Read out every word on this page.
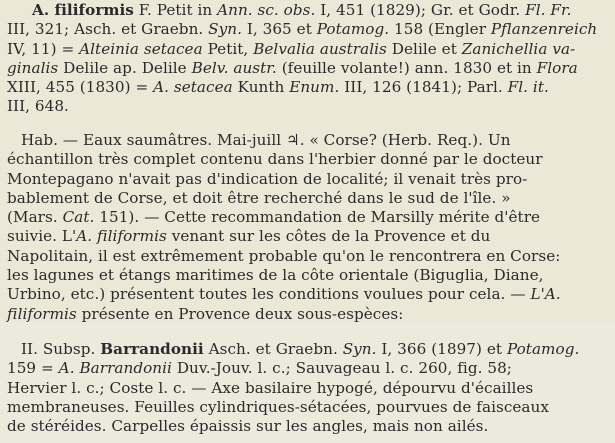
A. filiformis F. Petit in Ann. sc. obs. I, 451 (1829); Gr. et Godr. Fl. Fr.
III, 321; Asch. et Graebn. Syn. I, 365 et Potamog. 158 (Engler Pflanzenreich
IV, 11) = Alteinia setacea Petit, Belvalia australis Delile et Zanichellia va-
ginalis Delile ap. Delile Belv. austr. (feuille volante!) ann. 1830 et in Flora
XIII, 455 (1830) = A. setacea Kunth Enum. III, 126 (1841); Parl. Fl. it.
III, 648.
Hab. — Eaux saumâtres. Mai-juill ♃. « Corse? (Herb. Req.). Un
échantillon très complet contenu dans l'herbier donné par le docteur
Montepagano n'avait pas d'indication de localité; il venait très pro-
bablement de Corse, et doit être recherché dans le sud de l'île. »
(Mars. Cat. 151). — Cette recommandation de Marsilly mérite d'être
suivie. L'A. filiformis venant sur les côtes de la Provence et du
Napolitain, il est extrêmement probable qu'on le rencontrera en Corse:
les lagunes et étangs maritimes de la côte orientale (Biguglia, Diane,
Urbino, etc.) présentent toutes les conditions voulues pour cela. — L'A.
filiformis présente en Provence deux sous-espèces:
II. Subsp. Barrandonii Asch. et Graebn. Syn. I, 366 (1897) et Potamog.
159 = A. Barrandonii Duv.-Jouv. l. c.; Sauvageau l. c. 260, fig. 58;
Hervier l. c.; Coste l. c. — Axe basilaire hypogé, dépourvu d'écailles
membraneuses. Feuilles cylindriques-sétacées, pourvues de faisceaux
de stéréides. Carpelles épaissis sur les angles, mais non ailés.
